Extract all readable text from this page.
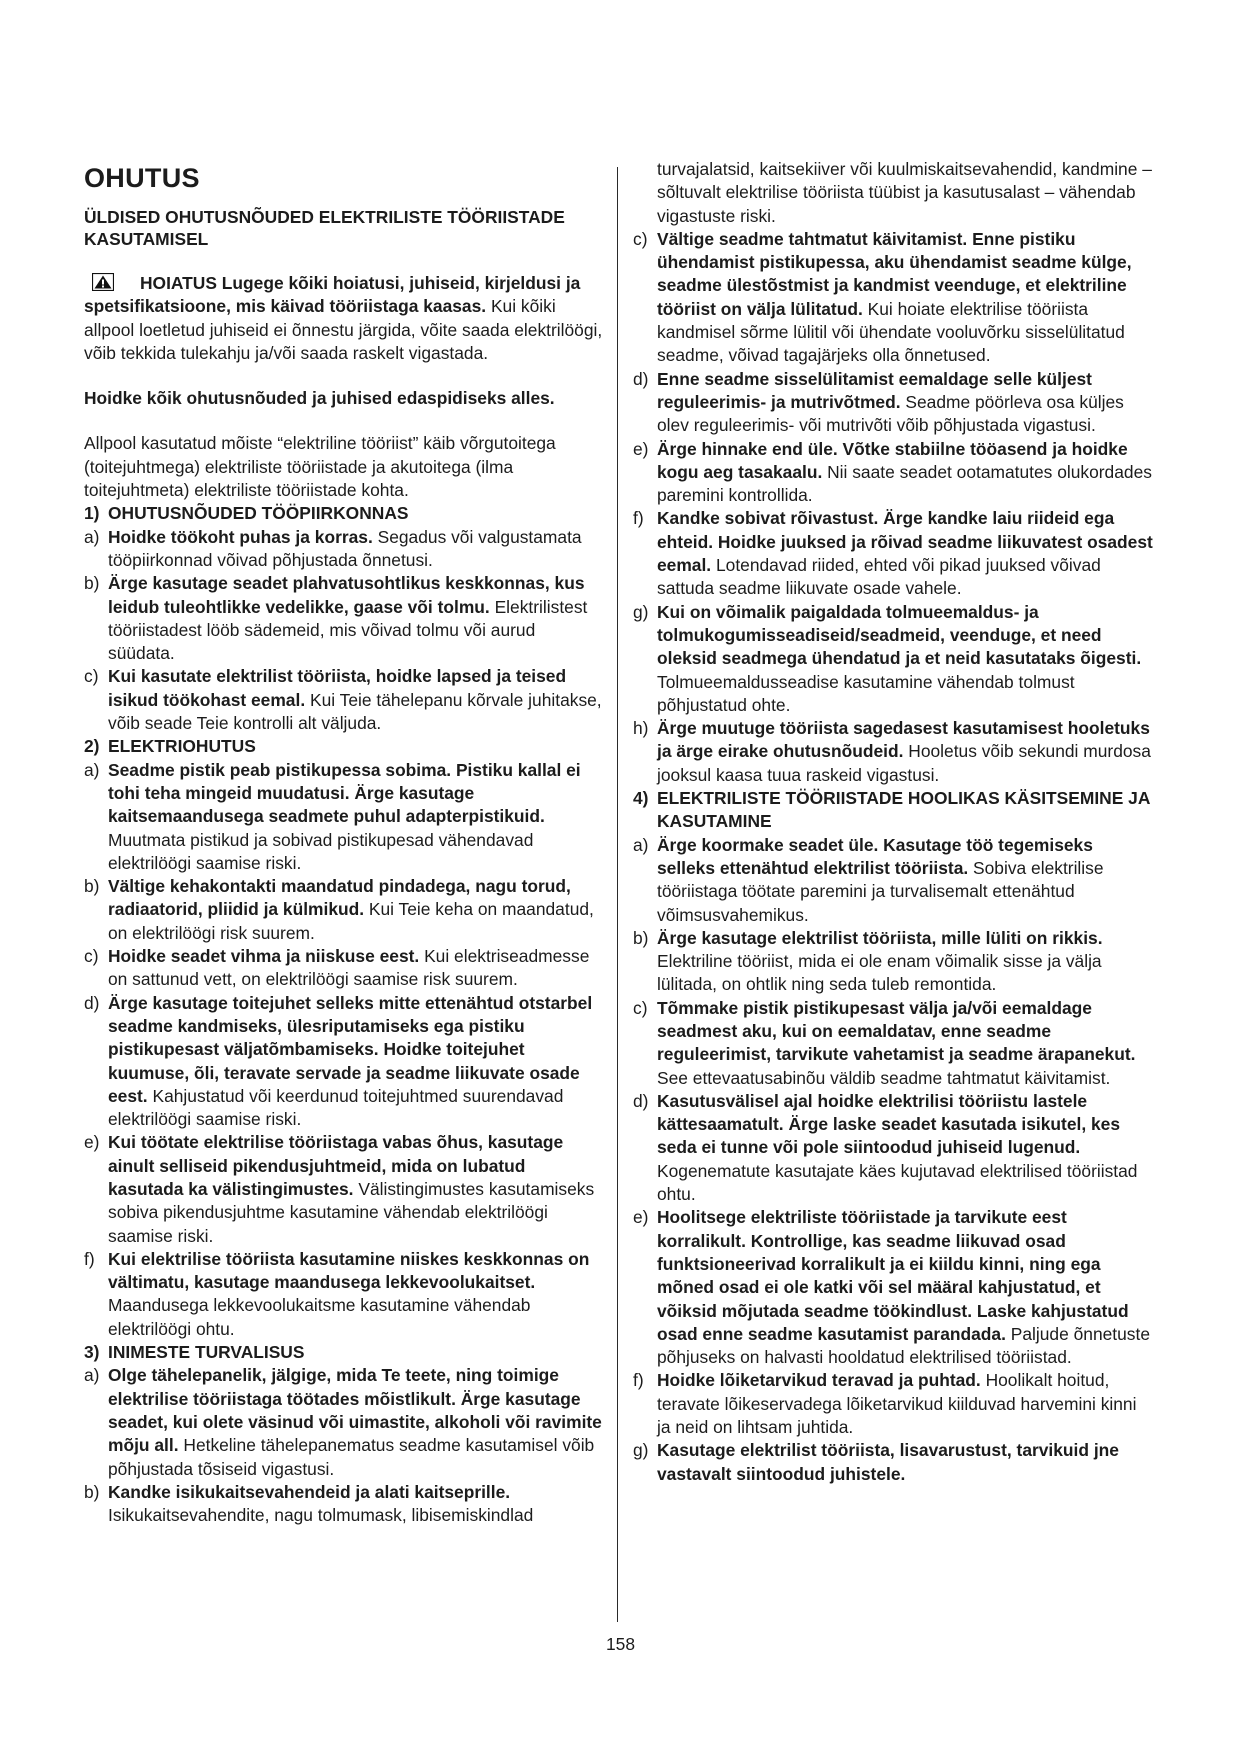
OHUTUS
ÜLDISED OHUTUSNÕUDED ELEKTRILISTE TÖÖRIISTADE KASUTAMISEL

HOIATUS Lugege kõiki hoiatusi, juhiseid, kirjeldusi ja spetsifikatsioone, mis käivad tööriistaga kaasas. Kui kõiki allpool loetletud juhiseid ei õnnestu järgida, võite saada elektrilöögi, võib tekkida tulekahju ja/või saada raskelt vigastada.

Hoidke kõik ohutusnõuded ja juhised edaspidiseks alles.

Allpool kasutatud mõiste “elektriline tööriist” käib võrgutoitega (toitejuhtmega) elektriliste tööriistade ja akutoitega (ilma toitejuhtmeta) elektriliste tööriistade kohta.

1) OHUTUSNÕUDED TÖÖPIIRKONNAS
a) Hoidke töökoht puhas ja korras. Segadus või valgustamata tööpiirkonnad võivad põhjustada õnnetusi.
b) Ärge kasutage seadet plahvatusohtlikus keskkonnas, kus leidub tuleohtlikke vedelikke, gaase või tolmu. Elektrilistest tööriistadest lööb sädemeid, mis võivad tolmu või aurud süüdata.
c) Kui kasutate elektrilist tööriista, hoidke lapsed ja teised isikud töökohast eemal. Kui Teie tähelepanu kõrvale juhitakse, võib seade Teie kontrolli alt väljuda.
2) ELEKTRIOHUTUS
a) Seadme pistik peab pistikupessa sobima. Pistiku kallal ei tohi teha mingeid muudatusi. Ärge kasutage kaitsemaandusega seadmete puhul adapterpistikuid. Muutmata pistikud ja sobivad pistikupesad vähendavad elektrilöögi saamise riski.
b) Vältige kehakontakti maandatud pindadega, nagu torud, radiaatorid, pliidid ja külmikud. Kui Teie keha on maandatud, on elektrilöögi risk suurem.
c) Hoidke seadet vihma ja niiskuse eest. Kui elektriseadmesse on sattunud vett, on elektrilöögi saamise risk suurem.
d) Ärge kasutage toitejuhet selleks mitte ettenähtud otstarbel seadme kandmiseks, ülesriputamiseks ega pistiku pistikupesast väljatõmbamiseks. Hoidke toitejuhet kuumuse, õli, teravate servade ja seadme liikuvate osade eest. Kahjustatud või keerdunud toitejuhtmed suurendavad elektrilöögi saamise riski.
e) Kui töötate elektrilise tööriistaga vabas õhus, kasutage ainult selliseid pikendusjuhtmeid, mida on lubatud kasutada ka välistingimustes. Välistingimustes kasutamiseks sobiva pikendusjuhtme kasutamine vähendab elektrilöögi saamise riski.
f) Kui elektrilise tööriista kasutamine niiskes keskkonnas on vältimatu, kasutage maandusega lekkevoolukaitset. Maandusega lekkevoolukaitsme kasutamine vähendab elektrilöögi ohtu.
3) INIMESTE TURVALISUS
a) Olge tähelepanelik, jälgige, mida Te teete, ning toimige elektrilise tööriistaga töötades mõistlikult. Ärge kasutage seadet, kui olete väsinud või uimastite, alkoholi või ravimite mõju all. Hetkeline tähelepanematus seadme kasutamisel võib põhjustada tõsiseid vigastusi.
b) Kandke isikukaitsevahendeid ja alati kaitseprille. Isikukaitsevahendite, nagu tolmumask, libisemiskindlad

turvajalatsid, kaitsekiiver või kuulmiskaitsevahendid, kandmine – sõltuvalt elektrilise tööriista tüübist ja kasutusalast – vähendab vigastuste riski.

c) Vältige seadme tahtmatut käivitamist. Enne pistiku ühendamist pistikupessa, aku ühendamist seadme külge, seadme ülestõstmist ja kandmist veenduge, et elektriline tööriist on välja lülitatud. Kui hoiate elektrilise tööriista kandmisel sõrme lülitil või ühendate vooluvõrku sisselülitatud seadme, võivad tagajärjeks olla õnnetused.
d) Enne seadme sisselülitamist eemaldage selle küljest reguleerimis- ja mutrivõtmed. Seadme pöörleva osa küljes olev reguleerimis- või mutrivõti võib põhjustada vigastusi.
e) Ärge hinnake end üle. Võtke stabiilne tööasend ja hoidke kogu aeg tasakaalu. Nii saate seadet ootamatutes olukordades paremini kontrollida.
f) Kandke sobivat rõivastust. Ärge kandke laiu riideid ega ehteid. Hoidke juuksed ja rõivad seadme liikuvatest osadest eemal. Lotendavad riided, ehted või pikad juuksed võivad sattuda seadme liikuvate osade vahele.
g) Kui on võimalik paigaldada tolmueemaldus- ja tolmukogumisseadiseid/seadmeid, veenduge, et need oleksid seadmega ühendatud ja et neid kasutataks õigesti. Tolmueemaldusseadise kasutamine vähendab tolmust põhjustatud ohte.
h) Ärge muutuge tööriista sagedasest kasutamisest hooletuks ja ärge eirake ohutusnõudeid. Hooletus võib sekundi murdosa jooksul kaasa tuua raskeid vigastusi.
4) ELEKTRILISTE TÖÖRIISTADE HOOLIKAS KÄSITSEMINE JA KASUTAMINE
a) Ärge koormake seadet üle. Kasutage töö tegemiseks selleks ettenähtud elektrilist tööriista. Sobiva elektrilise tööriistaga töötate paremini ja turvalisemalt ettenähtud võimsusvahemikus.
b) Ärge kasutage elektrilist tööriista, mille lüliti on rikkis. Elektriline tööriist, mida ei ole enam võimalik sisse ja välja lülitada, on ohtlik ning seda tuleb remontida.
c) Tõmmake pistik pistikupesast välja ja/või eemaldage seadmest aku, kui on eemaldatav, enne seadme reguleerimist, tarvikute vahetamist ja seadme ärapanekut. See ettevaatusabinõu väldib seadme tahtmatut käivitamist.
d) Kasutusvälisel ajal hoidke elektrilisi tööriistu lastele kättesaamatult. Ärge laske seadet kasutada isikutel, kes seda ei tunne või pole siintoodud juhiseid lugenud. Kogenematute kasutajate käes kujutavad elektrilised tööriistad ohtu.
e) Hoolitsege elektriliste tööriistade ja tarvikute eest korralikult. Kontrollige, kas seadme liikuvad osad funktsioneerivad korralikult ja ei kiildu kinni, ning ega mõned osad ei ole katki või sel määral kahjustatud, et võiksid mõjutada seadme töökindlust. Laske kahjustatud osad enne seadme kasutamist parandada. Paljude õnnetuste põhjuseks on halvasti hooldatud elektrilised tööriistad.
f) Hoidke lõiketarvikud teravad ja puhtad. Hoolikalt hoitud, teravate lõikeservadega lõiketarvikud kiilduvad harvemini kinni ja neid on lihtsam juhtida.
g) Kasutage elektrilist tööriista, lisavarustust, tarvikuid jne vastavalt siintoodud juhistele.
158
